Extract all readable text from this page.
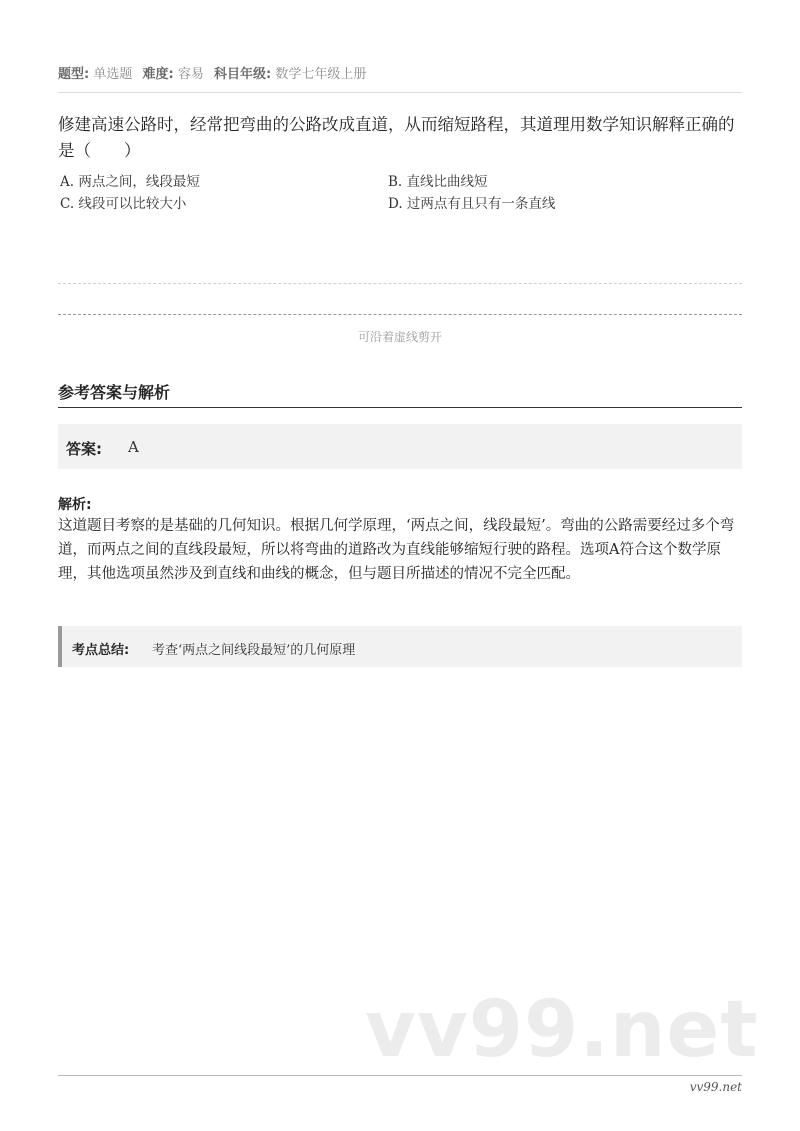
题型: 单选题 难度: 容易 科目年级: 数学七年级上册
修建高速公路时，经常把弯曲的公路改成直道，从而缩短路程，其道理用数学知识解释正确的是（　　）
A. 两点之间，线段最短	B. 直线比曲线短
C. 线段可以比较大小	D. 过两点有且只有一条直线
可沿着虚线剪开
参考答案与解析
答案: A
解析:
这道题目考察的是基础的几何知识。根据几何学原理，‘两点之间，线段最短’。弯曲的公路需要经过多个弯道，而两点之间的直线段最短，所以将弯曲的道路改为直线能够缩短行驶的路程。选项A符合这个数学原理，其他选项虽然涉及到直线和曲线的概念，但与题目所描述的情况不完全匹配。
考点总结: 考查‘两点之间线段最短’的几何原理
vv99.net
vv99.net
